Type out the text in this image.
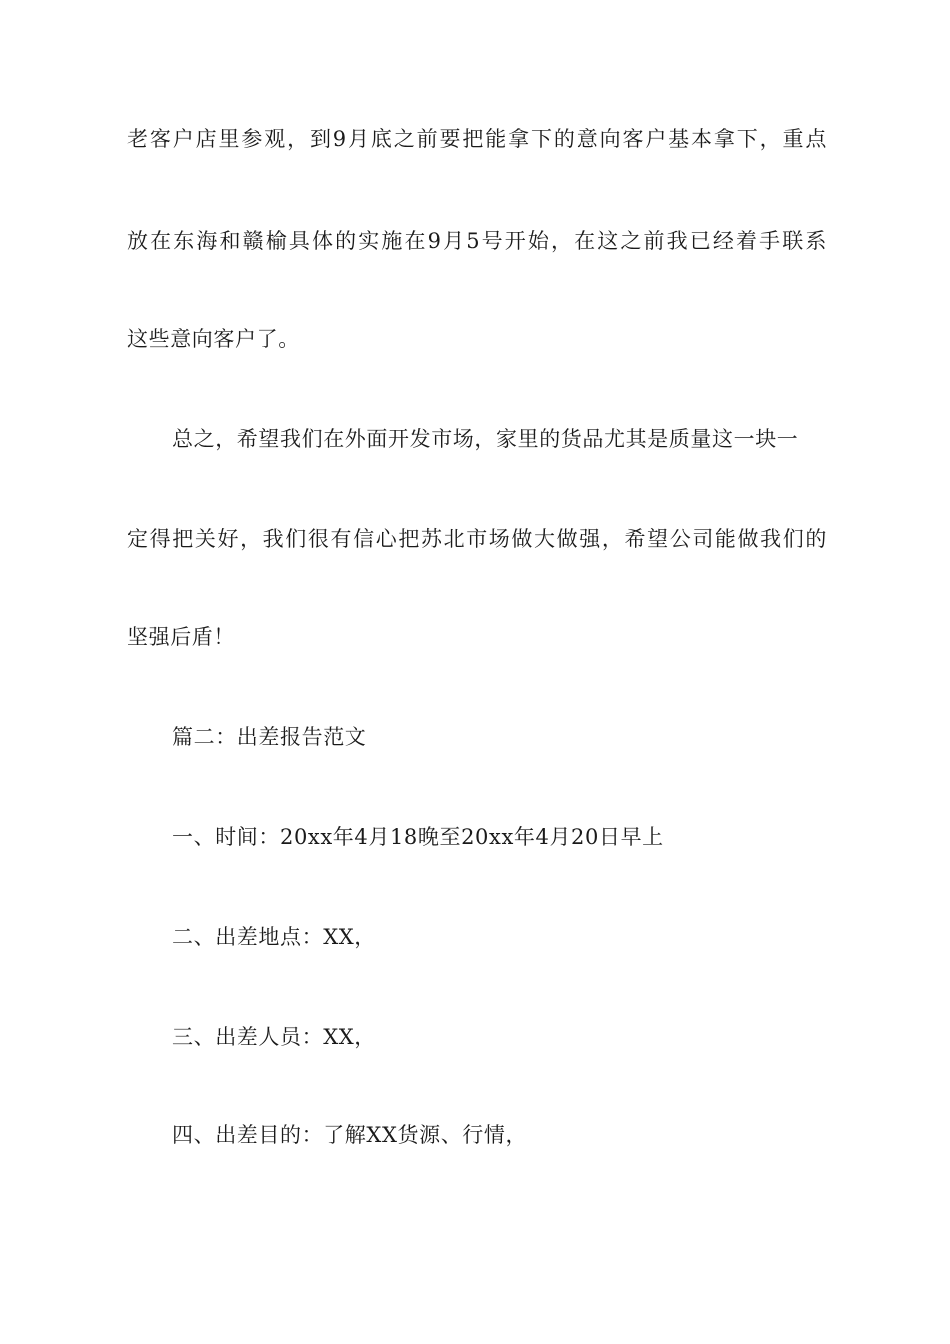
老客户店里参观，到9月底之前要把能拿下的意向客户基本拿下，重点
放在东海和赣榆具体的实施在9月5号开始，在这之前我已经着手联系
这些意向客户了。
总之，希望我们在外面开发市场，家里的货品尤其是质量这一块一
定得把关好，我们很有信心把苏北市场做大做强，希望公司能做我们的
坚强后盾！
篇二：出差报告范文
一、时间：20xx年4月18晚至20xx年4月20日早上
二、出差地点：XX，
三、出差人员：XX，
四、出差目的：了解XX货源、行情，
